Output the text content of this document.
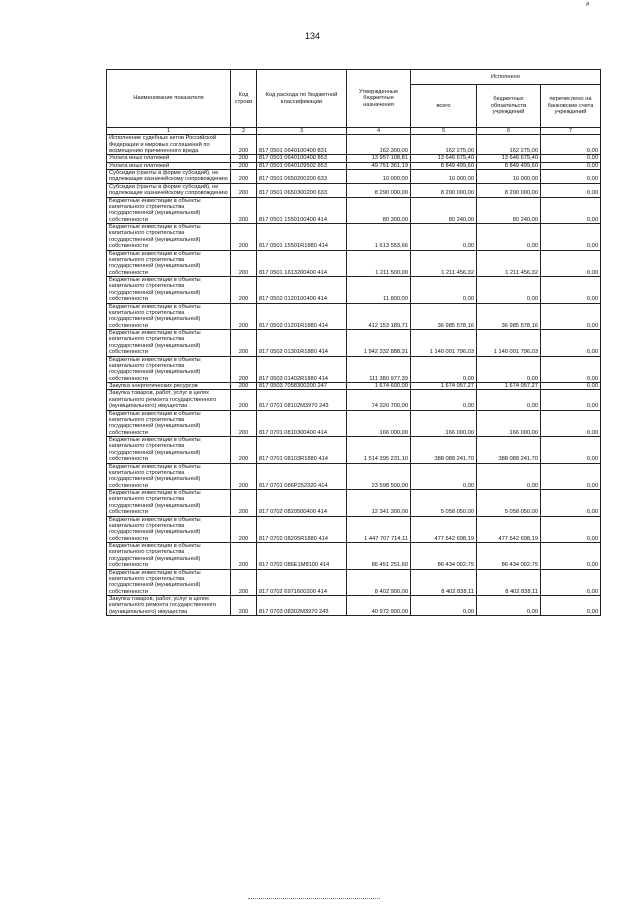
134
#
Наименование показателя	Код строки	Код расхода по бюджетной классификации	Утвержденные бюджетные назначения	Исполнено		
				всего	бюджетных обязательств учреждений	перечислено на банковские счета учреждений
1	2	3	4	5	6	7
Исполнение судебных актов Российской Федерации и мировых соглашений по возмещению причиненного вреда	200	817 0501 0640100400 831	162 300,00	162 275,00	162 275,00	0,00
Уплата иных платежей	200	817 0501 0640100400 853	13 957 108,81	13 646 675,40	13 646 675,40	0,00
Уплата иных платежей	200	817 0501 0640109502 853	49 751 361,19	8 849 499,60	8 849 499,60	0,00
Субсидии (гранты в форме субсидий), не подлежащие казначейскому сопровождению	200	817 0501 0650200200 633	10 000,00	10 000,00	10 000,00	0,00
Субсидии (гранты в форме субсидий), не подлежащие казначейскому сопровождению	200	817 0501 0650300200 633	8 290 000,00	8 290 000,00	8 290 000,00	0,00
Бюджетные инвестиции в объекты капитального строительства государственной (муниципальной) собственности	200	817 0501 1550100400 414	80 300,00	80 240,00	80 240,00	0,00
Бюджетные инвестиции в объекты капитального строительства государственной (муниципальной) собственности	200	817 0501 15501R1880 414	1 613 553,66	0,00	0,00	0,00
Бюджетные инвестиции в объекты капитального строительства государственной (муниципальной) собственности	200	817 0501 1613200400 414	1 211 500,00	1 211 456,32	1 211 456,32	0,00
Бюджетные инвестиции в объекты капитального строительства государственной (муниципальной) собственности	200	817 0502 0120100400 414	11 800,00	0,00	0,00	0,00
Бюджетные инвестиции в объекты капитального строительства государственной (муниципальной) собственности	200	817 0502 01201R1880 414	412 153 189,71	36 985 578,16	36 985 578,16	0,00
Бюджетные инвестиции в объекты капитального строительства государственной (муниципальной) собственности	200	817 0502 01301R1880 414	1 942 332 888,31	1 140 001 796,03	1 140 001 796,03	0,00
Бюджетные инвестиции в объекты капитального строительства государственной (муниципальной) собственности	200	817 0503 01402R1880 414	111 380 977,39	0,00	0,00	0,00
Закупка энергетических ресурсов	200	817 0503 7058300200 247	1 674 600,00	1 674 057,27	1 674 057,27	0,00
Закупка товаров, работ, услуг в целях капитального ремонта государственного (муниципального) имущества	200	817 0701 08102М3970 243	74 320 700,00	0,00	0,00	0,00
Бюджетные инвестиции в объекты капитального строительства государственной (муниципальной) собственности	200	817 0701 0810300400 414	166 000,00	166 000,00	166 000,00	0,00
Бюджетные инвестиции в объекты капитального строительства государственной (муниципальной) собственности	200	817 0701 08103R1880 414	1 514 395 231,10	388 088 241,70	388 088 241,70	0,00
Бюджетные инвестиции в объекты капитального строительства государственной (муниципальной) собственности	200	817 0701 086P252320 414	23 598 500,00	0,00	0,00	0,00
Бюджетные инвестиции в объекты капитального строительства государственной (муниципальной) собственности	200	817 0702 0820500400 414	12 341 300,00	5 058 050,00	5 058 050,00	0,00
Бюджетные инвестиции в объекты капитального строительства государственной (муниципальной) собственности	200	817 0702 08205R1880 414	1 447 707 714,11	477 542 698,19	477 542 698,19	0,00
Бюджетные инвестиции в объекты капитального строительства государственной (муниципальной) собственности	200	817 0702 086E1M8100 414	86 451 251,60	86 434 002,75	86 434 002,75	0,00
Бюджетные инвестиции в объекты капитального строительства государственной (муниципальной) собственности	200	817 0702 6971600200 414	8 402 900,00	8 402 838,11	8 402 838,11	0,00
Закупка товаров, работ, услуг в целях капитального ремонта государственного (муниципального) имущества	200	817 0703 08302М3970 243	40 972 900,00	0,00	0,00	0,00
